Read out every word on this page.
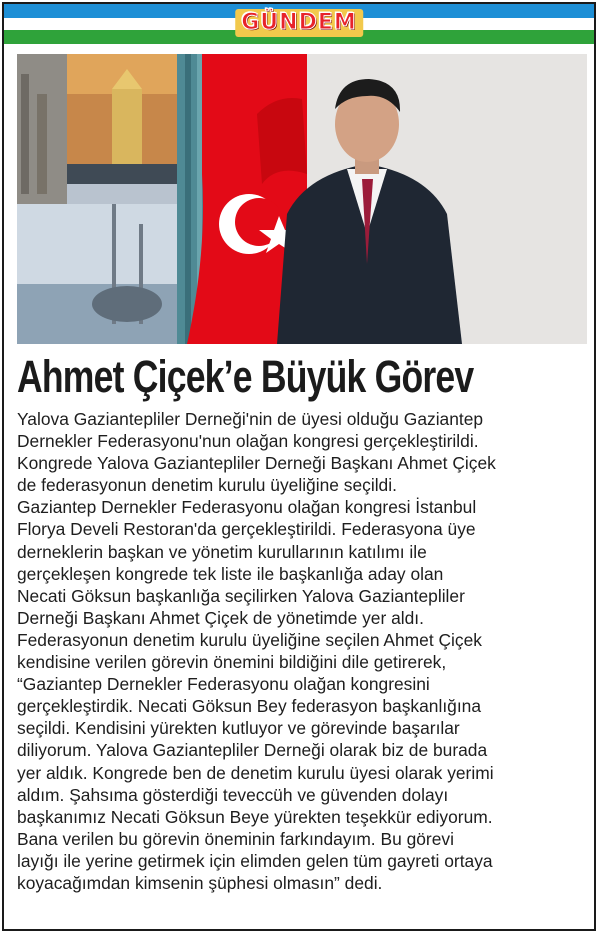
GÜNDEM
Ahmet Çiçek’e Büyük Görev
Yalova Gaziantepliler Derneği'nin de üyesi olduğu Gaziantep
Dernekler Federasyonu'nun olağan kongresi gerçekleştirildi.
Kongrede Yalova Gaziantepliler Derneği Başkanı Ahmet Çiçek
de federasyonun denetim kurulu üyeliğine seçildi.
Gaziantep Dernekler Federasyonu olağan kongresi İstanbul
Florya Develi Restoran'da gerçekleştirildi. Federasyona üye
derneklerin başkan ve yönetim kurullarının katılımı ile
gerçekleşen kongrede tek liste ile başkanlığa aday olan
Necati Göksun başkanlığa seçilirken Yalova Gaziantepliler
Derneği Başkanı Ahmet Çiçek de yönetimde yer aldı.
Federasyonun denetim kurulu üyeliğine seçilen Ahmet Çiçek
kendisine verilen görevin önemini bildiğini dile getirerek,
“Gaziantep Dernekler Federasyonu olağan kongresini
gerçekleştirdik. Necati Göksun Bey federasyon başkanlığına
seçildi. Kendisini yürekten kutluyor ve görevinde başarılar
diliyorum. Yalova Gaziantepliler Derneği olarak biz de burada
yer aldık. Kongrede ben de denetim kurulu üyesi olarak yerimi
aldım. Şahsıma gösterdiği teveccüh ve güvenden dolayı
başkanımız Necati Göksun Beye yürekten teşekkür ediyorum.
Bana verilen bu görevin öneminin farkındayım. Bu görevi
layığı ile yerine getirmek için elimden gelen tüm gayreti ortaya
koyacağımdan kimsenin şüphesi olmasın” dedi.
